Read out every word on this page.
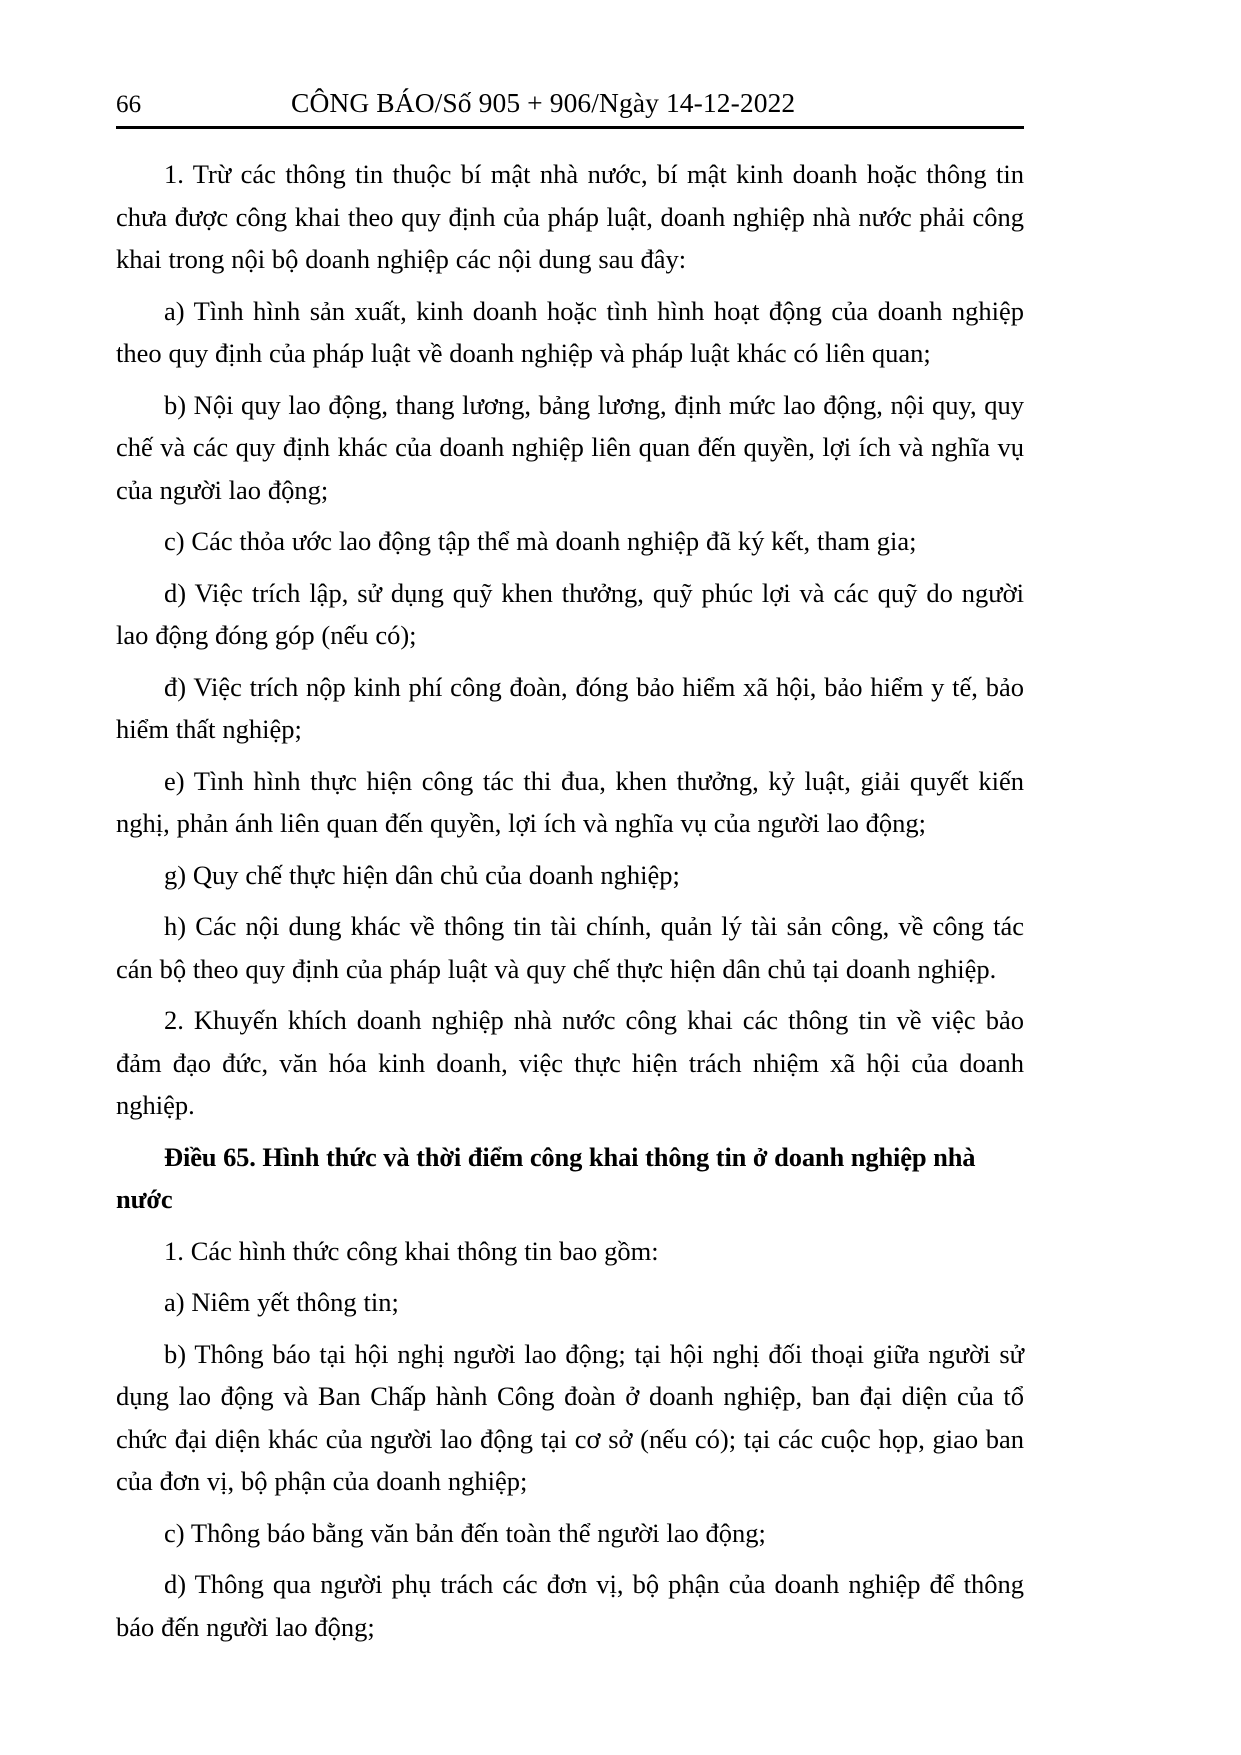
66	CÔNG BÁO/Số 905 + 906/Ngày 14-12-2022

1. Trừ các thông tin thuộc bí mật nhà nước, bí mật kinh doanh hoặc thông tin chưa được công khai theo quy định của pháp luật, doanh nghiệp nhà nước phải công khai trong nội bộ doanh nghiệp các nội dung sau đây:

a) Tình hình sản xuất, kinh doanh hoặc tình hình hoạt động của doanh nghiệp theo quy định của pháp luật về doanh nghiệp và pháp luật khác có liên quan;

b) Nội quy lao động, thang lương, bảng lương, định mức lao động, nội quy, quy chế và các quy định khác của doanh nghiệp liên quan đến quyền, lợi ích và nghĩa vụ của người lao động;

c) Các thỏa ước lao động tập thể mà doanh nghiệp đã ký kết, tham gia;

d) Việc trích lập, sử dụng quỹ khen thưởng, quỹ phúc lợi và các quỹ do người lao động đóng góp (nếu có);

đ) Việc trích nộp kinh phí công đoàn, đóng bảo hiểm xã hội, bảo hiểm y tế, bảo hiểm thất nghiệp;

e) Tình hình thực hiện công tác thi đua, khen thưởng, kỷ luật, giải quyết kiến nghị, phản ánh liên quan đến quyền, lợi ích và nghĩa vụ của người lao động;

g) Quy chế thực hiện dân chủ của doanh nghiệp;

h) Các nội dung khác về thông tin tài chính, quản lý tài sản công, về công tác cán bộ theo quy định của pháp luật và quy chế thực hiện dân chủ tại doanh nghiệp.

2. Khuyến khích doanh nghiệp nhà nước công khai các thông tin về việc bảo đảm đạo đức, văn hóa kinh doanh, việc thực hiện trách nhiệm xã hội của doanh nghiệp.

Điều 65. Hình thức và thời điểm công khai thông tin ở doanh nghiệp nhà nước

1. Các hình thức công khai thông tin bao gồm:

a) Niêm yết thông tin;

b) Thông báo tại hội nghị người lao động; tại hội nghị đối thoại giữa người sử dụng lao động và Ban Chấp hành Công đoàn ở doanh nghiệp, ban đại diện của tổ chức đại diện khác của người lao động tại cơ sở (nếu có); tại các cuộc họp, giao ban của đơn vị, bộ phận của doanh nghiệp;

c) Thông báo bằng văn bản đến toàn thể người lao động;

d) Thông qua người phụ trách các đơn vị, bộ phận của doanh nghiệp để thông báo đến người lao động;
